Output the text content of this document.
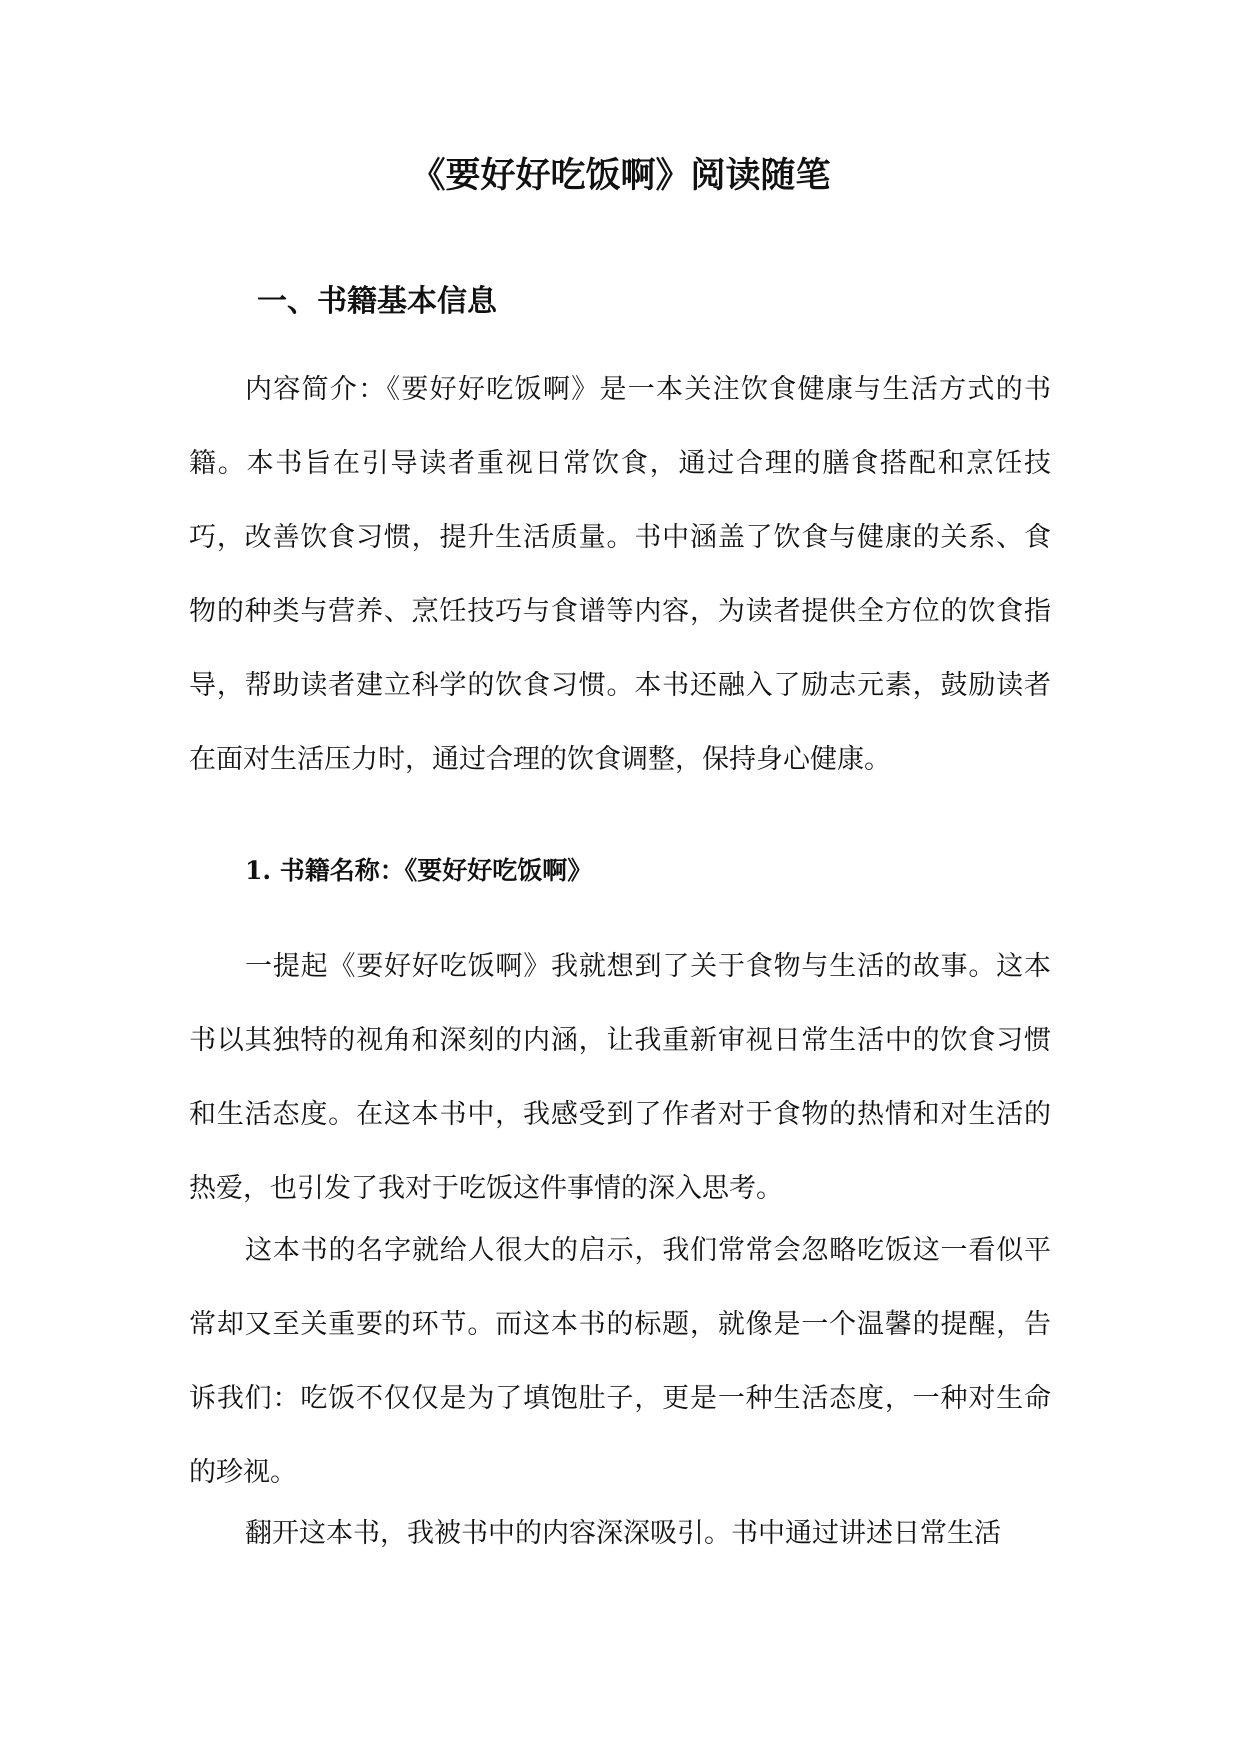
《要好好吃饭啊》阅读随笔
一、书籍基本信息

内容简介：《要好好吃饭啊》是一本关注饮食健康与生活方式的书籍。本书旨在引导读者重视日常饮食，通过合理的膳食搭配和烹饪技巧，改善饮食习惯，提升生活质量。书中涵盖了饮食与健康的关系、食物的种类与营养、烹饪技巧与食谱等内容，为读者提供全方位的饮食指导，帮助读者建立科学的饮食习惯。本书还融入了励志元素，鼓励读者在面对生活压力时，通过合理的饮食调整，保持身心健康。

1. 书籍名称：《要好好吃饭啊》

一提起《要好好吃饭啊》我就想到了关于食物与生活的故事。这本书以其独特的视角和深刻的内涵，让我重新审视日常生活中的饮食习惯和生活态度。在这本书中，我感受到了作者对于食物的热情和对生活的热爱，也引发了我对于吃饭这件事情的深入思考。

这本书的名字就给人很大的启示，我们常常会忽略吃饭这一看似平常却又至关重要的环节。而这本书的标题，就像是一个温馨的提醒，告诉我们：吃饭不仅仅是为了填饱肚子，更是一种生活态度，一种对生命的珍视。

翻开这本书，我被书中的内容深深吸引。书中通过讲述日常生活
